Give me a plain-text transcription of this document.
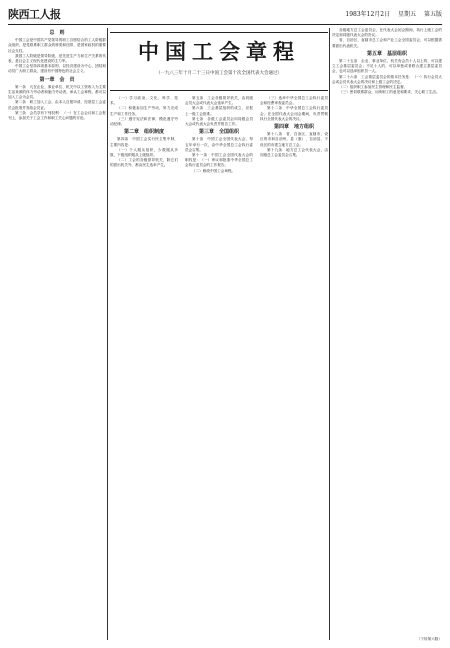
陕西工人报	1983年12月2日 星期五 第五版
总　则

中国工会是中国共产党领导的职工自愿结合的工人阶级群众组织，是党联系职工群众的桥梁和纽带，是国家政权的重要社会支柱。

我国工人阶级是领导阶级，是先进生产力和生产关系的代表，是社会主义现代化建设的主力军。

中国工会坚持四项基本原则，以经济建设为中心，团结和动员广大职工群众，建设有中国特色的社会主义。

第一章　会　员

第一条　凡在企业、事业单位、机关中以工资收入为主要生活来源的体力劳动者和脑力劳动者，承认工会章程，都可以加入工会为会员。

第二条　职工加入工会，由本人自愿申请，经基层工会委员会批准并发给会员证。

第三条　会员享有下列权利：（一）在工会会议和工会报刊上，参加关于工会工作和职工关心问题的讨论。

中国工会章程
（一九八三年十月二十三日中国工会第十次全国代表大会通过）

（一）学习政治、文化、科学、技术。

（二）积极参加生产劳动，努力完成生产和工作任务。

（三）遵守宪法和法律，模范遵守劳动纪律。

第二章　组织制度

第四条　中国工会实行民主集中制，主要内容是：

（一）个人服从组织，少数服从多数，下级组织服从上级组织。

（二）工会的各级领导机关，除它们的派出机关外，都由民主选举产生。

第五条　工会各级领导机关，由同级会员大会或代表大会选举产生。

第六条　工会基层组织的成立，应报上一级工会批准。

第七条　各级工会委员会向同级会员大会或代表大会负责并报告工作。

第三章　全国组织

第十条　中国工会全国代表大会，每五年举行一次，由中华全国总工会执行委员会召集。

第十一条　中国工会全国代表大会的职权是：（一）审议和批准中华全国总工会执行委员会的工作报告。

（二）修改中国工会章程。

（三）选举中华全国总工会执行委员会和经费审查委员会。

第十二条　中华全国总工会执行委员会，在全国代表大会闭会期间，负责贯彻执行全国代表大会的决议。

第四章　地方组织

第十八条　省、自治区、直辖市，设区的市和自治州，县（旗）、自治县、不设区的市建立地方总工会。

第十九条　地方总工会代表大会，由同级总工会委员会召集。

各级地方总工会委员会，在代表大会闭会期间，执行上级工会的决定和同级代表大会的决议。

省、自治区、直辖市总工会和产业工会全国委员会，可以根据需要派出代表机关。

第五章　基层组织

第二十五条　企业、事业单位、机关有会员十人以上的，可以建立工会基层委员会；不足十人的，可以单独或者联合建立基层委员会，也可以选举组织员一人。

第二十六条　工会基层委员会的基本任务是：（一）执行会员大会或会员代表大会的决议和上级工会的决定。

（二）组织职工参加民主管理和民主监督。

（三）密切联系群众，反映职工的意见和要求，关心职工生活。

（下转第六版）
